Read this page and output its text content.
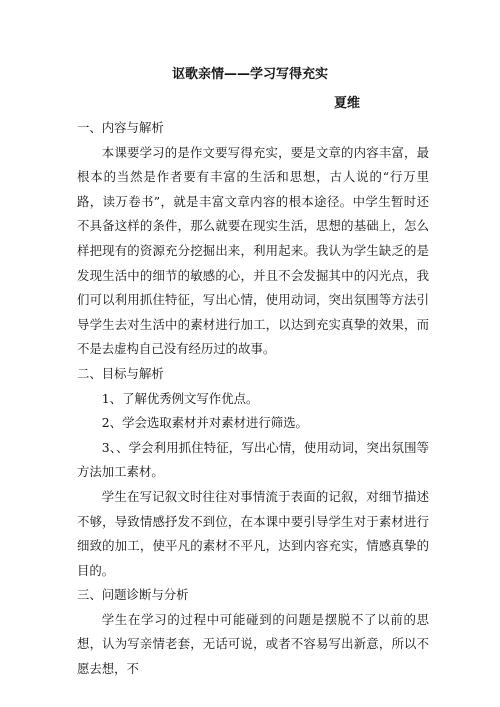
讴歌亲情——学习写得充实
夏维

一、内容与解析

本课要学习的是作文要写得充实，要是文章的内容丰富，最根本的当然是作者要有丰富的生活和思想，古人说的“行万里路，读万卷书”，就是丰富文章内容的根本途径。中学生暂时还不具备这样的条件，那么就要在现实生活，思想的基础上，怎么样把现有的资源充分挖掘出来，利用起来。我认为学生缺乏的是发现生活中的细节的敏感的心，并且不会发掘其中的闪光点，我们可以利用抓住特征，写出心情，使用动词，突出氛围等方法引导学生去对生活中的素材进行加工，以达到充实真挚的效果，而不是去虚构自己没有经历过的故事。

二、目标与解析

1、了解优秀例文写作优点。

2、学会选取素材并对素材进行筛选。

3、、学会利用抓住特征，写出心情，使用动词，突出氛围等方法加工素材。

学生在写记叙文时往往对事情流于表面的记叙，对细节描述不够，导致情感抒发不到位，在本课中要引导学生对于素材进行细致的加工，使平凡的素材不平凡，达到内容充实，情感真挚的目的。

三、问题诊断与分析

学生在学习的过程中可能碰到的问题是摆脱不了以前的思想，认为写亲情老套，无话可说，或者不容易写出新意，所以不愿去想，不
